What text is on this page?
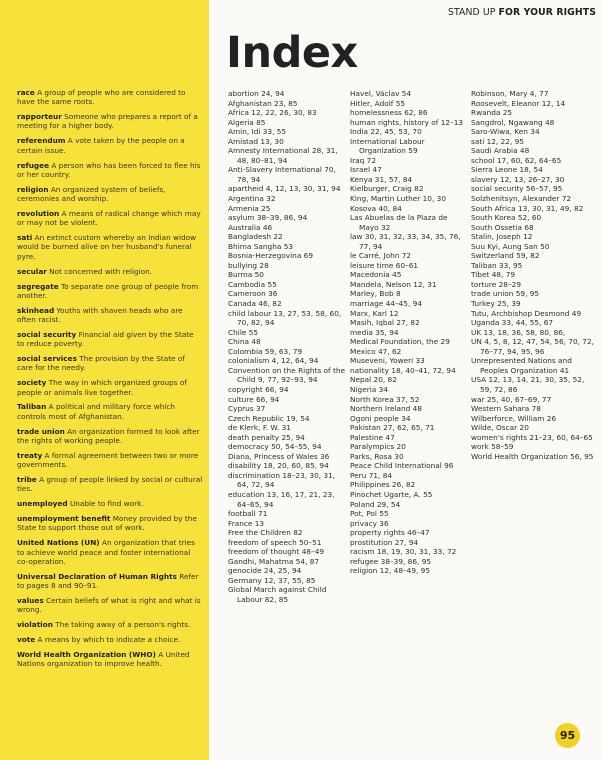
STAND UP FOR YOUR RIGHTS
Index
race A group of people who are considered to have the same roots.
rapporteur Someone who prepares a report of a meeting for a higher body.
referendum A vote taken by the people on a certain issue.
refugee A person who has been forced to flee his or her country.
religion An organized system of beliefs, ceremonies and worship.
revolution A means of radical change which may or may not be violent.
sati An extinct custom whereby an Indian widow would be burned alive on her husband's funeral pyre.
secular Not concerned with religion.
segregate To separate one group of people from another.
skinhead Youths with shaven heads who are often racist.
social security Financial aid given by the State to reduce poverty.
social services The provision by the State of care for the needy.
society The way in which organized groups of people or animals live together.
Taliban A political and military force which controls most of Afghanistan.
trade union An organization formed to look after the rights of working people.
treaty A formal agreement between two or more governments.
tribe A group of people linked by social or cultural ties.
unemployed Unable to find work.
unemployment benefit Money provided by the State to support those out of work.
United Nations (UN) An organization that tries to achieve world peace and foster international co-operation.
Universal Declaration of Human Rights Refer to pages 8 and 90–91.
values Certain beliefs of what is right and what is wrong.
violation The taking away of a person's rights.
vote A means by which to indicate a choice.
World Health Organization (WHO) A United Nations organization to improve health.
abortion 24, 94
Afghanistan 23, 85
Africa 12, 22, 26, 30, 83
Algeria 85
Amin, Idi 33, 55
Amistad 13, 30
Amnesty International 28, 31, 48, 80–81, 94
Anti-Slavery International 70, 78, 94
apartheid 4, 12, 13, 30, 31, 94
Argentina 32
Armenia 25
asylum 38–39, 86, 94
Australia 46
Bangladesh 22
Bhima Sangha 53
Bosnia-Herzegovina 69
bullying 28
Burma 50
Cambodia 55
Cameroon 36
Canada 46, 82
child labour 13, 27, 53, 58, 60, 70, 82, 94
Chile 55
China 48
Colombia 59, 63, 79
colonialism 4, 12, 64, 94
Convention on the Rights of the Child 9, 77, 92–93, 94
copyright 66, 94
culture 66, 94
Cyprus 37
Czech Republic 19, 54
de Klerk, F. W. 31
death penalty 25, 94
democracy 50, 54–55, 94
Diana, Princess of Wales 36
disability 18, 20, 60, 85, 94
discrimination 18–23, 30, 31, 64, 72, 94
education 13, 16, 17, 21, 23, 64–65, 94
football 71
France 13
Free the Children 82
freedom of speech 50–51
freedom of thought 48–49
Gandhi, Mahatma 54, 87
genocide 24, 25, 94
Germany 12, 37, 55, 85
Global March against Child Labour 82, 85
Havel, Václav 54
Hitler, Adolf 55
homelessness 62, 86
human rights, history of 12–13
India 22, 45, 53, 70
International Labour Organization 59
Iraq 72
Israel 47
Kenya 31, 57, 84
Kielburger, Craig 82
King, Martin Luther 10, 30
Kosova 40, 84
Las Abuelas de la Plaza de Mayo 32
law 30, 31, 32, 33, 34, 35, 76, 77, 94
le Carré, John 72
leisure time 60–61
Macedonia 45
Mandela, Nelson 12, 31
Marley, Bob 8
marriage 44–45, 94
Marx, Karl 12
Masih, Iqbal 27, 82
media 35, 94
Medical Foundation, the 29
Mexico 47, 62
Museveni, Yoweri 33
nationality 18, 40–41, 72, 94
Nepal 20, 82
Nigeria 34
North Korea 37, 52
Northern Ireland 48
Ogoni people 34
Pakistan 27, 62, 65, 71
Palestine 47
Paralympics 20
Parks, Rosa 30
Peace Child International 96
Peru 71, 84
Philippines 26, 82
Pinochet Ugarte, A. 55
Poland 29, 54
Pot, Pol 55
privacy 36
property rights 46–47
prostitution 27, 94
racism 18, 19, 30, 31, 33, 72
refugee 38–39, 86, 95
religion 12, 48–49, 95
Robinson, Mary 4, 77
Roosevelt, Eleanor 12, 14
Rwanda 25
Sangdrol, Ngawang 48
Saro-Wiwa, Ken 34
sati 12, 22, 95
Saudi Arabia 48
school 17, 60, 62, 64–65
Sierra Leone 18, 54
slavery 12, 13, 26–27, 30
social security 56–57, 95
Solzhenitsyn, Alexander 72
South Africa 13, 30, 31, 49, 82
South Korea 52, 60
South Ossetia 68
Stalin, Joseph 12
Suu Kyi, Aung San 50
Switzerland 59, 82
Taliban 33, 95
Tibet 48, 79
torture 28–29
trade union 59, 95
Turkey 25, 39
Tutu, Archbishop Desmond 49
Uganda 33, 44, 55, 67
UK 13, 18, 36, 58, 80, 86,
UN 4, 5, 8, 12, 47, 54, 56, 70, 72, 76–77, 94, 95, 96
Unrepresented Nations and Peoples Organization 41
USA 12, 13, 14, 21, 30, 35, 52, 59, 72, 86
war 25, 40, 67–69, 77
Western Sahara 78
Wilberforce, William 26
Wilde, Oscar 20
women's rights 21–23, 60, 64–65
work 58–59
World Health Organization 56, 95
95
